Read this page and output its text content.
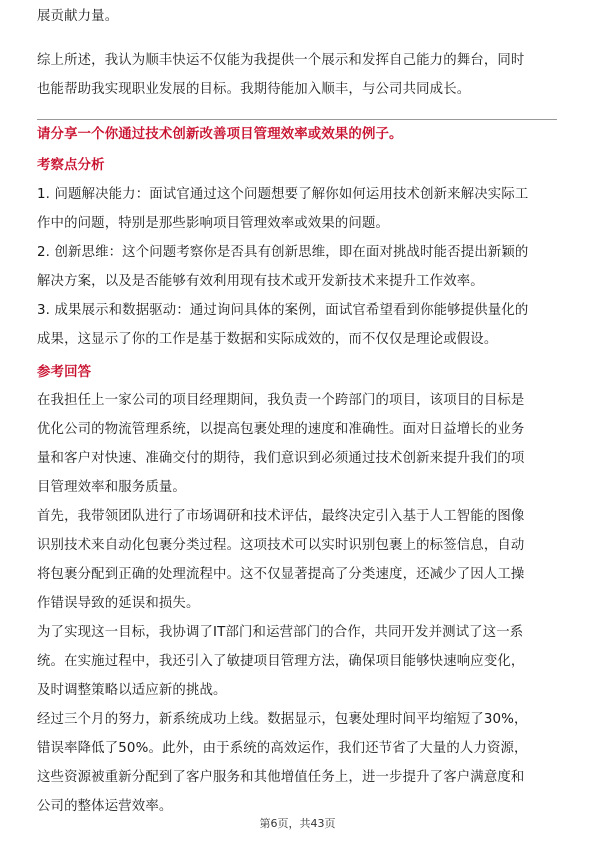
展贡献力量。
综上所述，我认为顺丰快运不仅能为我提供一个展示和发挥自己能力的舞台，同时
也能帮助我实现职业发展的目标。我期待能加入顺丰，与公司共同成长。
请分享一个你通过技术创新改善项目管理效率或效果的例子。
考察点分析
1. 问题解决能力：面试官通过这个问题想要了解你如何运用技术创新来解决实际工
作中的问题，特别是那些影响项目管理效率或效果的问题。
2. 创新思维：这个问题考察你是否具有创新思维，即在面对挑战时能否提出新颖的
解决方案，以及是否能够有效利用现有技术或开发新技术来提升工作效率。
3. 成果展示和数据驱动：通过询问具体的案例，面试官希望看到你能够提供量化的
成果，这显示了你的工作是基于数据和实际成效的，而不仅仅是理论或假设。
参考回答
在我担任上一家公司的项目经理期间，我负责一个跨部门的项目，该项目的目标是
优化公司的物流管理系统，以提高包裹处理的速度和准确性。面对日益增长的业务
量和客户对快速、准确交付的期待，我们意识到必须通过技术创新来提升我们的项
目管理效率和服务质量。
首先，我带领团队进行了市场调研和技术评估，最终决定引入基于人工智能的图像
识别技术来自动化包裹分类过程。这项技术可以实时识别包裹上的标签信息，自动
将包裹分配到正确的处理流程中。这不仅显著提高了分类速度，还减少了因人工操
作错误导致的延误和损失。
为了实现这一目标，我协调了IT部门和运营部门的合作，共同开发并测试了这一系
统。在实施过程中，我还引入了敏捷项目管理方法，确保项目能够快速响应变化，
及时调整策略以适应新的挑战。
经过三个月的努力，新系统成功上线。数据显示，包裹处理时间平均缩短了30%，
错误率降低了50%。此外，由于系统的高效运作，我们还节省了大量的人力资源，
这些资源被重新分配到了客户服务和其他增值任务上，进一步提升了客户满意度和
公司的整体运营效率。
第6页，共43页
